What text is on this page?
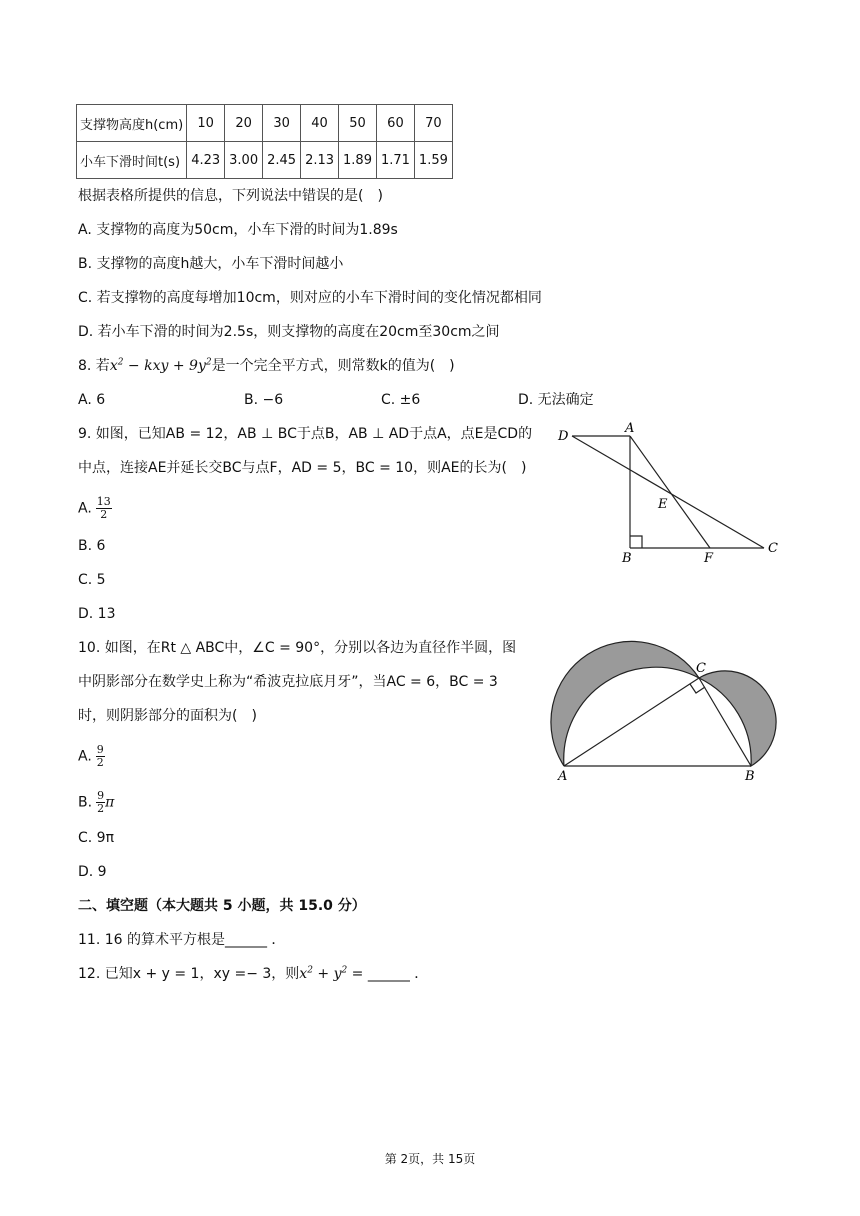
支撑物高度h(cm)	10	20	30	40	50	60	70
小车下滑时间t(s)	4.23	3.00	2.45	2.13	1.89	1.71	1.59
根据表格所提供的信息，下列说法中错误的是(　)
A. 支撑物的高度为50cm，小车下滑的时间为1.89s
B. 支撑物的高度h越大，小车下滑时间越小
C. 若支撑物的高度每增加10cm，则对应的小车下滑时间的变化情况都相同
D. 若小车下滑的时间为2.5s，则支撑物的高度在20cm至30cm之间
8. 若$x^2$ − kxy + $9y^2$是一个完全平方式，则常数k的值为(　)
A. 6	B. −6	C. ±6	D. 无法确定
9. 如图，已知AB = 12，AB ⊥ BC于点B，AB ⊥ AD于点A，点E是CD的
中点，连接AE并延长交BC与点F，AD = 5，BC = 10，则AE的长为(　)
A. $\frac{13}{2}$
B. 6
C. 5
D. 13
D
A
E
B	F
C
10. 如图，在Rt △ ABC中，∠C = 90°，分别以各边为直径作半圆，图
中阴影部分在数学史上称为“希波克拉底月牙”，当AC = 6，BC = 3
时，则阴影部分的面积为(　)
A. $\frac{9}{2}$
B. $\frac{9}{2}$ π
C. 9π
D. 9
A	B
C
二、填空题（本大题共 5 小题，共 15.0 分）
11. 16 的算术平方根是______ ．
12. 已知x + y = 1，xy =− 3，则$x^2 + y^2$ = ______ ．
第 2页，共 15页
